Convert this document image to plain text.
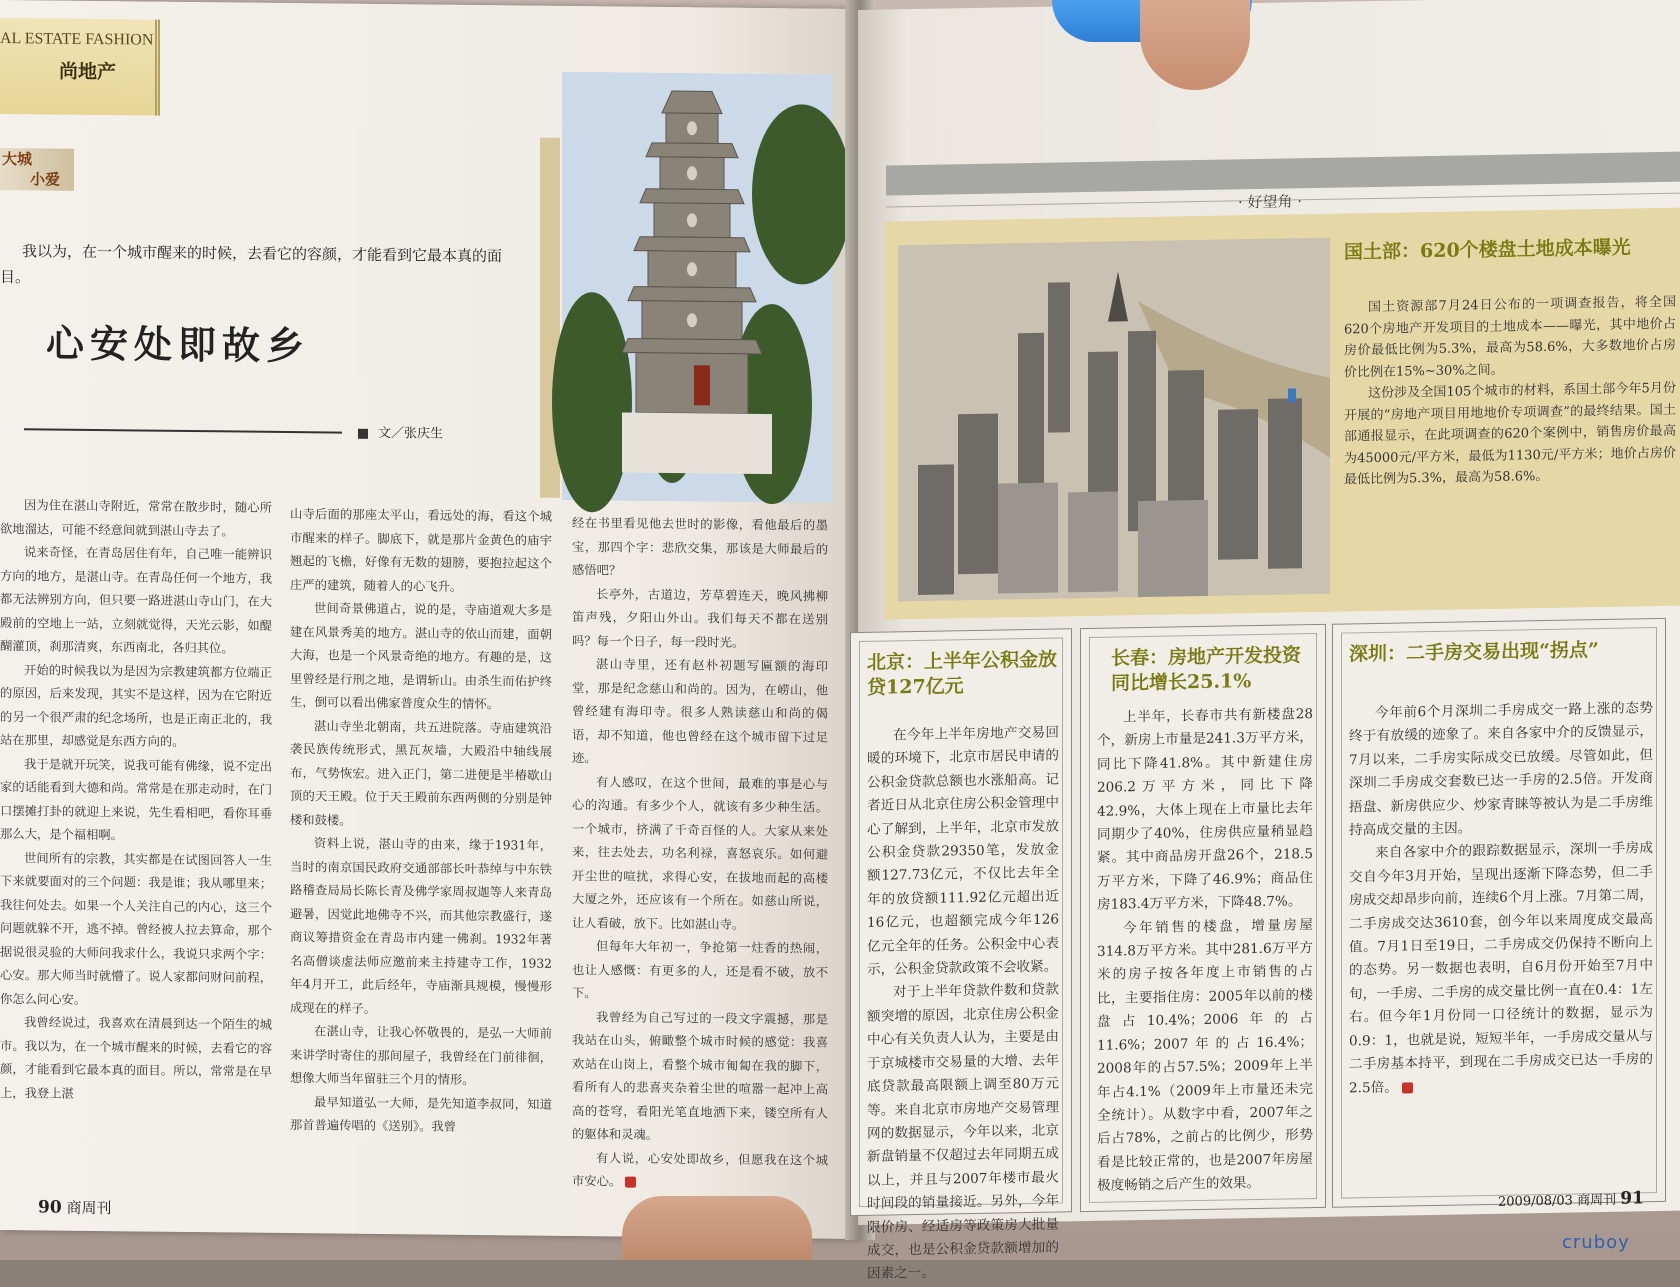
AL ESTATE FASHION
尚地产
大城
小爱
我以为，在一个城市醒来的时候，去看它的容颜，才能看到它最本真的面目。
心安处即故乡
文／张庆生

因为住在湛山寺附近，常常在散步时，随心所欲地溜达，可能不经意间就到湛山寺去了。

说来奇怪，在青岛居住有年，自己唯一能辨识方向的地方，是湛山寺。在青岛任何一个地方，我都无法辨别方向，但只要一路进湛山寺山门，在大殿前的空地上一站，立刻就觉得，天光云影，如醍醐灌顶，刹那清爽，东西南北，各归其位。

开始的时候我以为是因为宗教建筑都方位端正的原因，后来发现，其实不是这样，因为在它附近的另一个很严肃的纪念场所，也是正南正北的，我站在那里，却感觉是东西方向的。

我于是就开玩笑，说我可能有佛缘，说不定出家的话能看到大德和尚。常常是在那走动时，在门口摆摊打卦的就迎上来说，先生看相吧，看你耳垂那么大，是个福相啊。

世间所有的宗教，其实都是在试图回答人一生下来就要面对的三个问题：我是谁；我从哪里来；我往何处去。如果一个人关注自己的内心，这三个问题就躲不开，逃不掉。曾经被人拉去算命，那个据说很灵验的大师问我求什么，我说只求两个字：心安。那大师当时就懵了。说人家都问财问前程，你怎么问心安。

我曾经说过，我喜欢在清晨到达一个陌生的城市。我以为，在一个城市醒来的时候，去看它的容颜，才能看到它最本真的面目。所以，常常是在早上，我登上湛

山寺后面的那座太平山，看远处的海，看这个城市醒来的样子。脚底下，就是那片金黄色的庙宇翘起的飞檐，好像有无数的翅膀，要抱拉起这个庄严的建筑，随着人的心飞升。

世间奇景佛道占，说的是，寺庙道观大多是建在风景秀美的地方。湛山寺的依山而建，面朝大海，也是一个风景奇绝的地方。有趣的是，这里曾经是行刑之地，是谓斩山。由杀生而佑护终生，倒可以看出佛家普度众生的情怀。

湛山寺坐北朝南，共五进院落。寺庙建筑沿袭民族传统形式，黑瓦灰墙，大殿沿中轴线展布，气势恢宏。进入正门，第二进便是半椿歇山顶的天王殿。位于天王殿前东西两侧的分别是钟楼和鼓楼。

资料上说，湛山寺的由来，缘于1931年，当时的南京国民政府交通部部长叶恭绰与中东铁路稽查局局长陈长青及佛学家周叔迦等人来青岛避暑，因觉此地佛寺不兴，而其他宗教盛行，遂商议筹措资金在青岛市内建一佛刹。1932年著名高僧谈虚法师应邀前来主持建寺工作，1932年4月开工，此后经年，寺庙渐具规模，慢慢形成现在的样子。

在湛山寺，让我心怀敬畏的，是弘一大师前来讲学时寄住的那间屋子，我曾经在门前徘徊，想像大师当年留驻三个月的情形。

最早知道弘一大师，是先知道李叔同，知道那首普遍传唱的《送别》。我曾

经在书里看见他去世时的影像，看他最后的墨宝，那四个字：悲欣交集，那该是大师最后的感悟吧？

长亭外，古道边，芳草碧连天，晚风拂柳笛声残，夕阳山外山。我们每天不都在送别吗？每一个日子，每一段时光。

湛山寺里，还有赵朴初题写匾额的海印堂，那是纪念慈山和尚的。因为，在崂山，他曾经建有海印寺。很多人熟读慈山和尚的偈语，却不知道，他也曾经在这个城市留下过足迹。

有人感叹，在这个世间，最难的事是心与心的沟通。有多少个人，就该有多少种生活。一个城市，挤满了千奇百怪的人。大家从来处来，往去处去，功名利禄，喜怒哀乐。如何避开尘世的喧扰，求得心安，在拔地而起的高楼大厦之外，还应该有一个所在。如慈山所说，让人看破，放下。比如湛山寺。

但每年大年初一，争抢第一炷香的热闹，也让人感慨：有更多的人，还是看不破，放不下。

我曾经为自己写过的一段文字震撼，那是我站在山头，俯瞰整个城市时候的感觉：我喜欢站在山岗上，看整个城市匍匐在我的脚下，看所有人的悲喜夹杂着尘世的喧嚣一起冲上高高的苍穹，看阳光笔直地洒下来，镂空所有人的躯体和灵魂。

有人说，心安处即故乡，但愿我在这个城市安心。

90 商周刊
· 好望角 ·
国土部：620个楼盘土地成本曝光

国土资源部7月24日公布的一项调查报告，将全国620个房地产开发项目的土地成本——曝光，其中地价占房价最低比例为5.3%，最高为58.6%，大多数地价占房价比例在15%~30%之间。

这份涉及全国105个城市的材料，系国土部今年5月份开展的“房地产项目用地地价专项调查”的最终结果。国土部通报显示，在此项调查的620个案例中，销售房价最高为45000元/平方米，最低为1130元/平方米；地价占房价最低比例为5.3%，最高为58.6%。

北京：上半年公积金放贷127亿元

在今年上半年房地产交易回暖的环境下，北京市居民申请的公积金贷款总额也水涨船高。记者近日从北京住房公积金管理中心了解到，上半年，北京市发放公积金贷款29350笔，发放金额127.73亿元，不仅比去年全年的放贷额111.92亿元超出近16亿元，也超额完成今年126亿元全年的任务。公积金中心表示，公积金贷款政策不会收紧。

对于上半年贷款件数和贷款额突增的原因，北京住房公积金中心有关负责人认为，主要是由于京城楼市交易量的大增、去年底贷款最高限额上调至80万元等。来自北京市房地产交易管理网的数据显示，今年以来，北京新盘销量不仅超过去年同期五成以上，并且与2007年楼市最火时间段的销量接近。另外，今年限价房、经适房等政策房大批量成交，也是公积金贷款额增加的因素之一。

长春：房地产开发投资同比增长25.1%

上半年，长春市共有新楼盘28个，新房上市量是241.3万平方米，同比下降41.8%。其中新建住房206.2万平方米，同比下降42.9%，大体上现在上市量比去年同期少了40%，住房供应量稍显趋紧。其中商品房开盘26个，218.5万平方米，下降了46.9%；商品住房183.4万平方米，下降48.7%。

今年销售的楼盘，增量房屋314.8万平方米。其中281.6万平方米的房子按各年度上市销售的占比，主要指住房：2005年以前的楼盘占10.4%；2006年的占11.6%；2007年的占16.4%；2008年的占57.5%；2009年上半年占4.1%（2009年上市量还未完全统计）。从数字中看，2007年之后占78%，之前占的比例少，形势看是比较正常的，也是2007年房屋极度畅销之后产生的效果。

深圳：二手房交易出现“拐点”

今年前6个月深圳二手房成交一路上涨的态势终于有放缓的迹象了。来自各家中介的反馈显示，7月以来，二手房实际成交已放缓。尽管如此，但深圳二手房成交套数已达一手房的2.5倍。开发商捂盘、新房供应少、炒家青睐等被认为是二手房维持高成交量的主因。

来自各家中介的跟踪数据显示，深圳一手房成交自今年3月开始，呈现出逐渐下降态势，但二手房成交却昂步向前，连续6个月上涨。7月第二周，二手房成交达3610套，创今年以来周度成交最高值。7月1日至19日，二手房成交仍保持不断向上的态势。另一数据也表明，自6月份开始至7月中旬，一手房、二手房的成交量比例一直在0.4：1左右。但今年1月份同一口径统计的数据，显示为0.9：1，也就是说，短短半年，一手房成交量从与二手房基本持平，到现在二手房成交已达一手房的2.5倍。

2009/08/03 商周刊 91
cruboy
